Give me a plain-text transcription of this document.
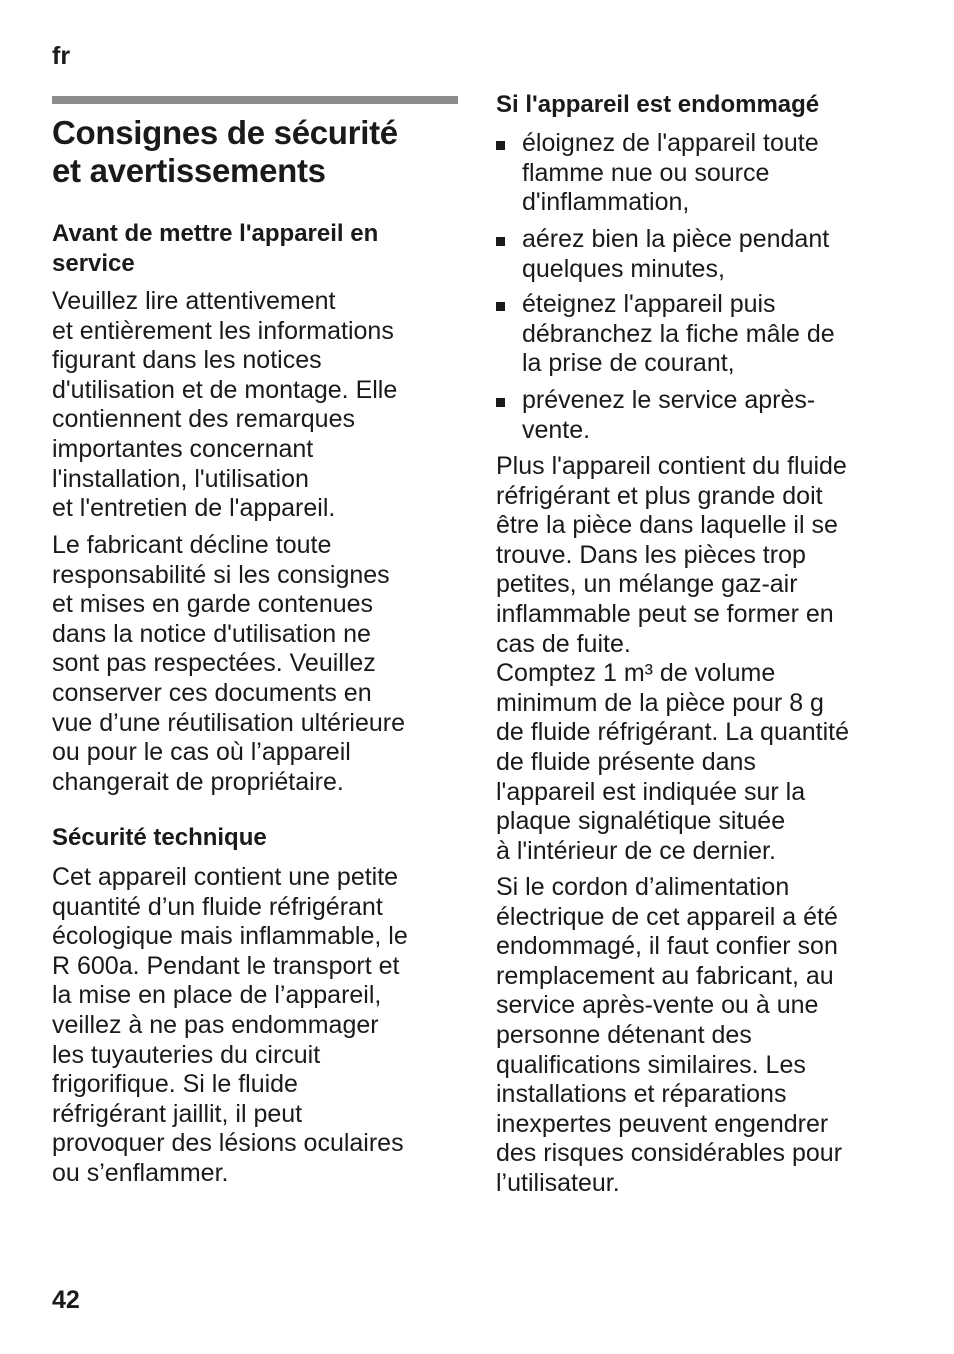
fr

Consignes de sécurité
et avertissements
Avant de mettre l'appareil en
service

Veuillez lire attentivement
et entièrement les informations
figurant dans les notices
d'utilisation et de montage. Elle
contiennent des remarques
importantes concernant
l'installation, l'utilisation
et l'entretien de l'appareil.

Le fabricant décline toute
responsabilité si les consignes
et mises en garde contenues
dans la notice d'utilisation ne
sont pas respectées. Veuillez
conserver ces documents en
vue d’une réutilisation ultérieure
ou pour le cas où l’appareil
changerait de propriétaire.

Sécurité technique

Cet appareil contient une petite
quantité d’un fluide réfrigérant
écologique mais inflammable, le
R 600a. Pendant le transport et
la mise en place de l’appareil,
veillez à ne pas endommager
les tuyauteries du circuit
frigorifique. Si le fluide
réfrigérant jaillit, il peut
provoquer des lésions oculaires
ou s’enflammer.

Si l'appareil est endommagé

éloignez de l'appareil toute
flamme nue ou source
d'inflammation,

aérez bien la pièce pendant
quelques minutes,

éteignez l'appareil puis
débranchez la fiche mâle de
la prise de courant,

prévenez le service après-
vente.

Plus l'appareil contient du fluide
réfrigérant et plus grande doit
être la pièce dans laquelle il se
trouve. Dans les pièces trop
petites, un mélange gaz-air
inflammable peut se former en
cas de fuite.
Comptez 1 m³ de volume
minimum de la pièce pour 8 g
de fluide réfrigérant. La quantité
de fluide présente dans
l'appareil est indiquée sur la
plaque signalétique située
à l'intérieur de ce dernier.

Si le cordon d’alimentation
électrique de cet appareil a été
endommagé, il faut confier son
remplacement au fabricant, au
service après-vente ou à une
personne détenant des
qualifications similaires. Les
installations et réparations
inexpertes peuvent engendrer
des risques considérables pour
l’utilisateur.

42
